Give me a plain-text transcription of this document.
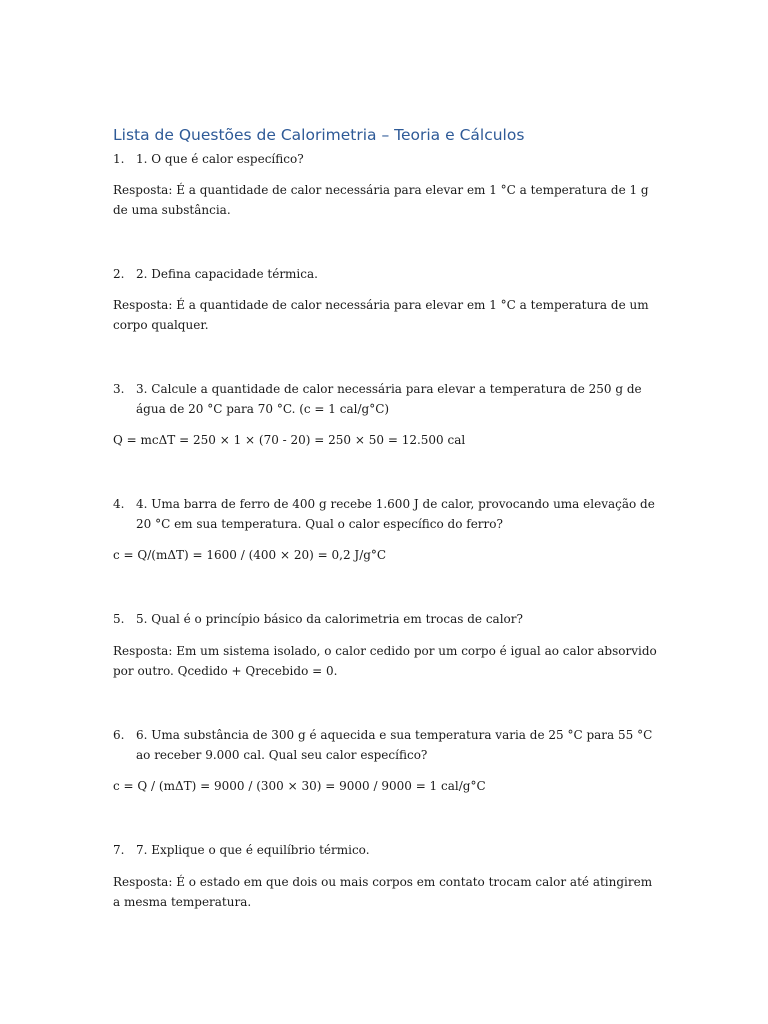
Lista de Questões de Calorimetria – Teoria e Cálculos
1. 1. O que é calor específico?
Resposta: É a quantidade de calor necessária para elevar em 1 °C a temperatura de 1 g de uma substância.
2. 2. Defina capacidade térmica.
Resposta: É a quantidade de calor necessária para elevar em 1 °C a temperatura de um corpo qualquer.
3. 3. Calcule a quantidade de calor necessária para elevar a temperatura de 250 g de água de 20 °C para 70 °C. (c = 1 cal/g°C)
Q = mcΔT = 250 × 1 × (70 - 20) = 250 × 50 = 12.500 cal
4. 4. Uma barra de ferro de 400 g recebe 1.600 J de calor, provocando uma elevação de 20 °C em sua temperatura. Qual o calor específico do ferro?
c = Q/(mΔT) = 1600 / (400 × 20) = 0,2 J/g°C
5. 5. Qual é o princípio básico da calorimetria em trocas de calor?
Resposta: Em um sistema isolado, o calor cedido por um corpo é igual ao calor absorvido por outro. Qcedido + Qrecebido = 0.
6. 6. Uma substância de 300 g é aquecida e sua temperatura varia de 25 °C para 55 °C ao receber 9.000 cal. Qual seu calor específico?
c = Q / (mΔT) = 9000 / (300 × 30) = 9000 / 9000 = 1 cal/g°C
7. 7. Explique o que é equilíbrio térmico.
Resposta: É o estado em que dois ou mais corpos em contato trocam calor até atingirem a mesma temperatura.
